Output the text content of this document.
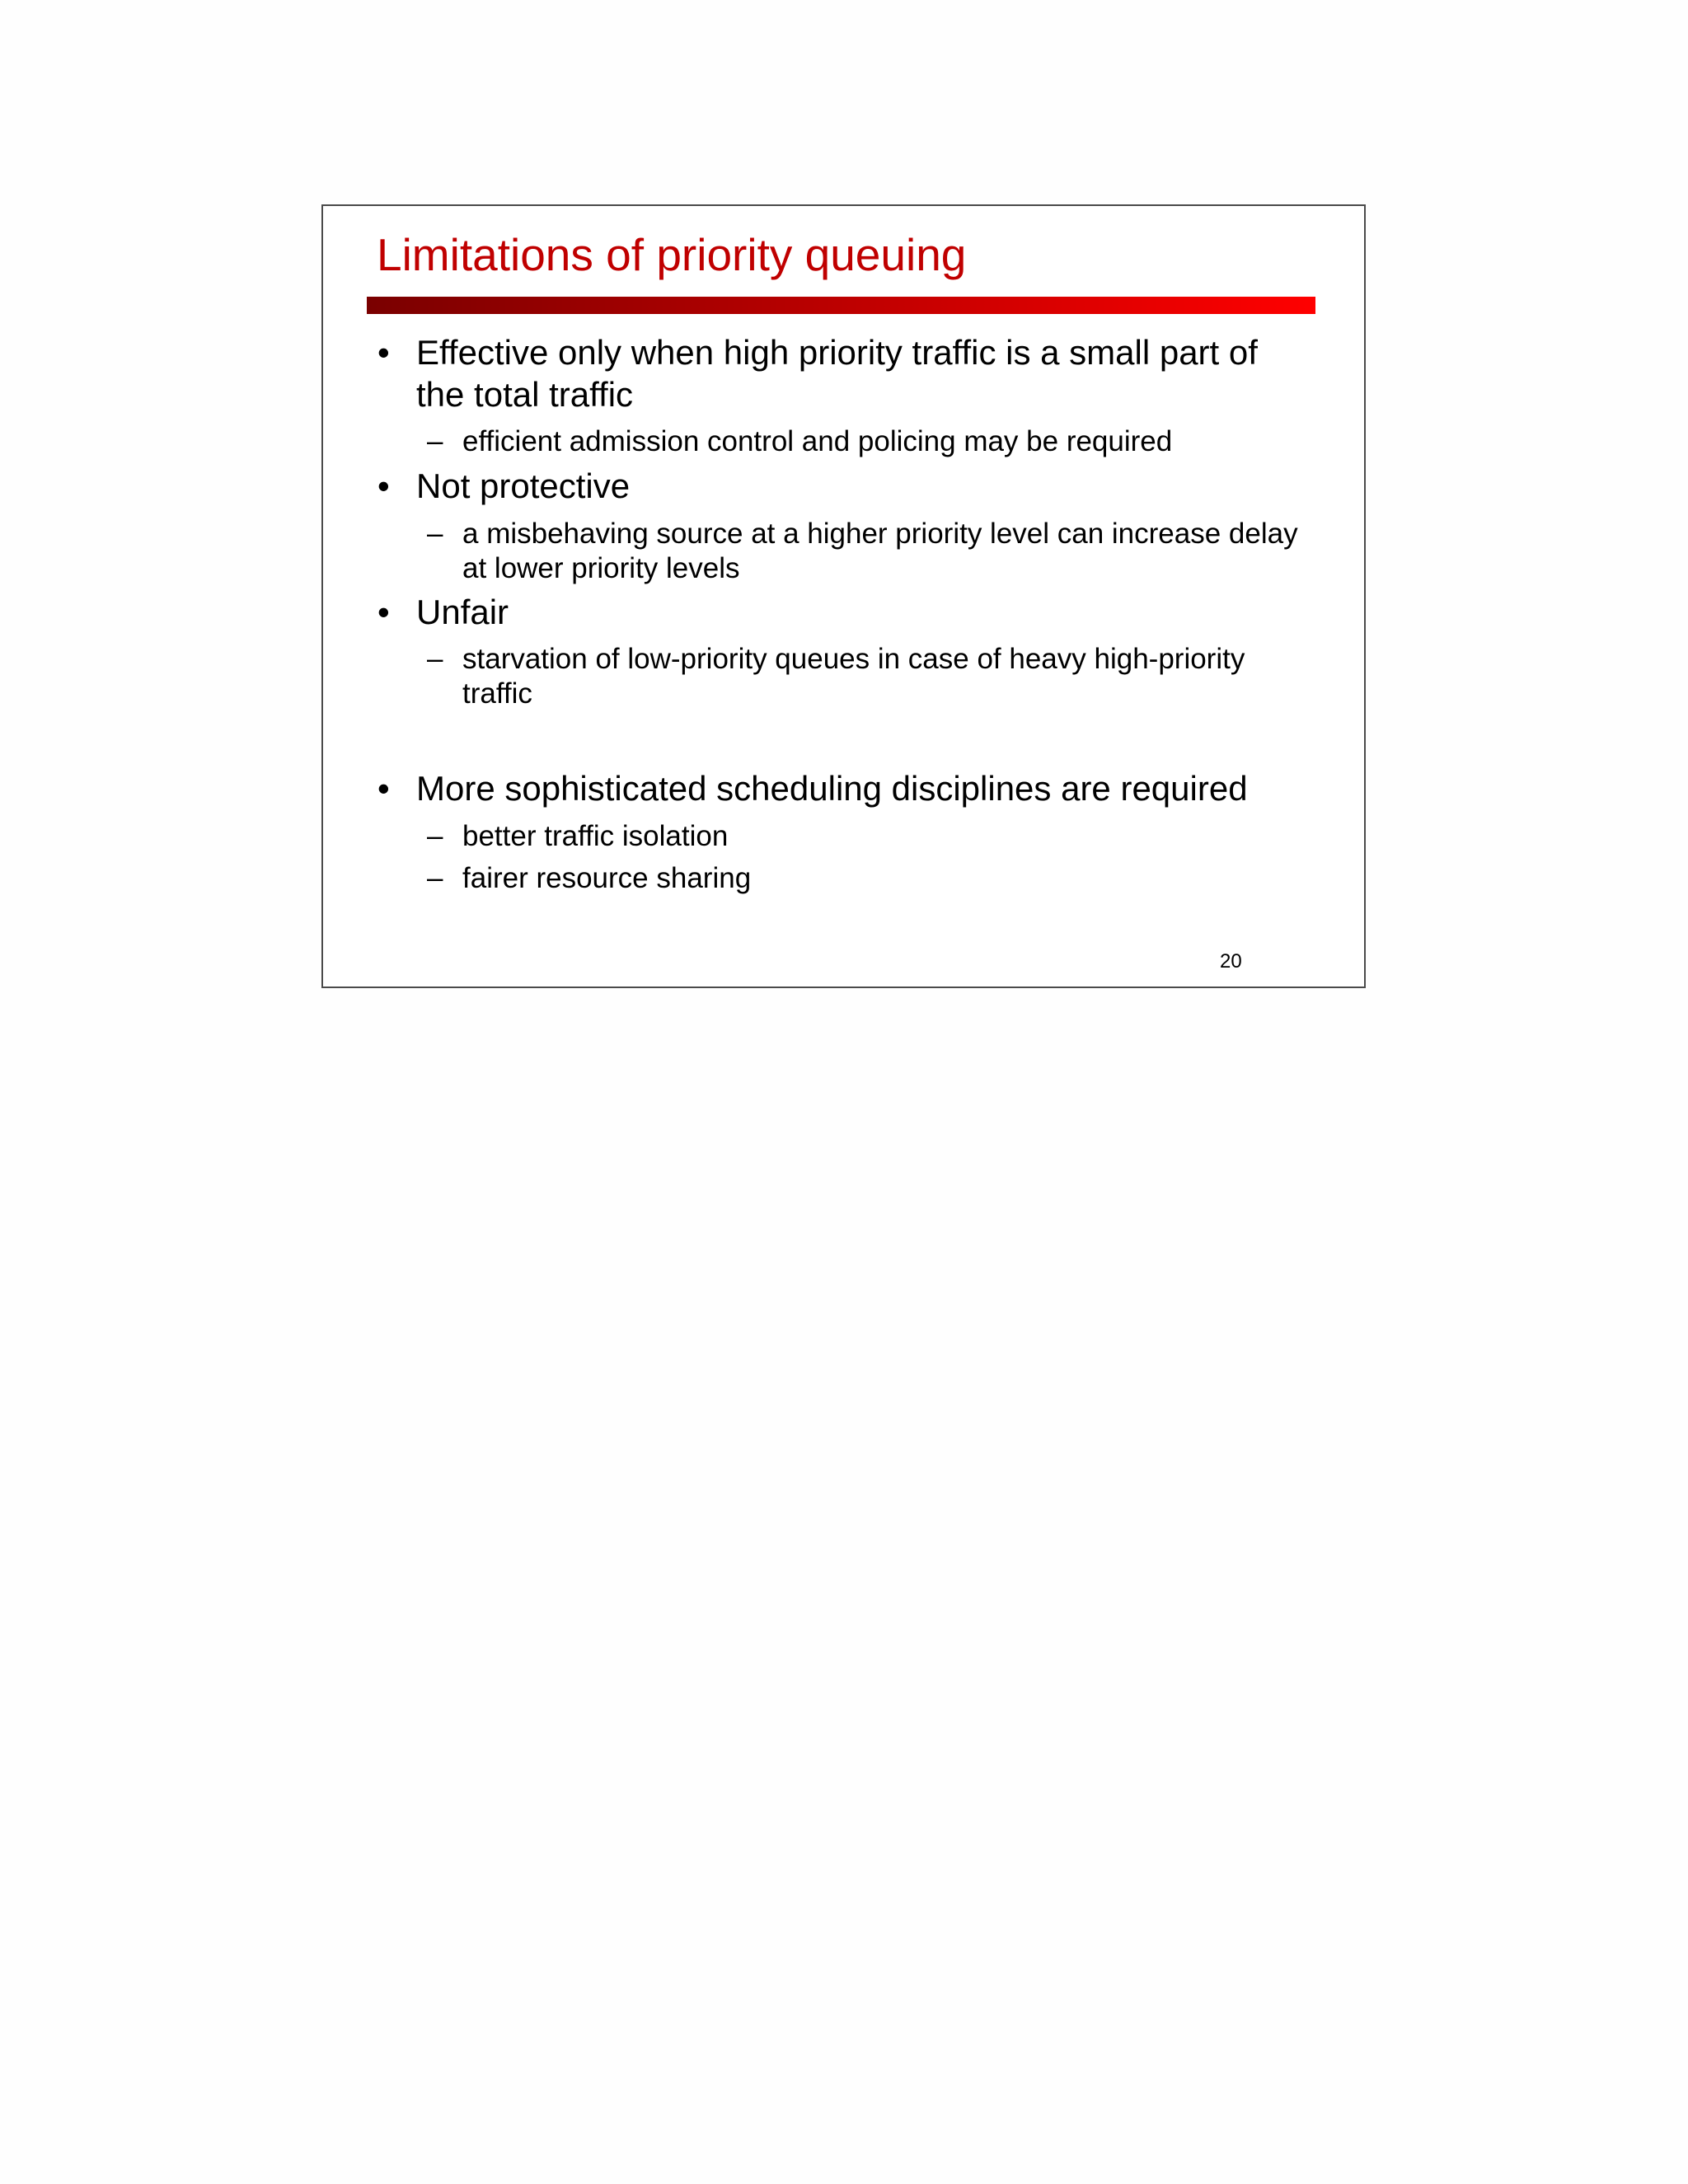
Limitations of priority queuing
• Effective only when high priority traffic is a small part of
the total traffic
– efficient admission control and policing may be required
• Not protective
– a misbehaving source at a higher priority level can increase delay
at lower priority levels
• Unfair
– starvation of low-priority queues in case of heavy high-priority
traffic
• More sophisticated scheduling disciplines are required
– better traffic isolation
– fairer resource sharing
20
